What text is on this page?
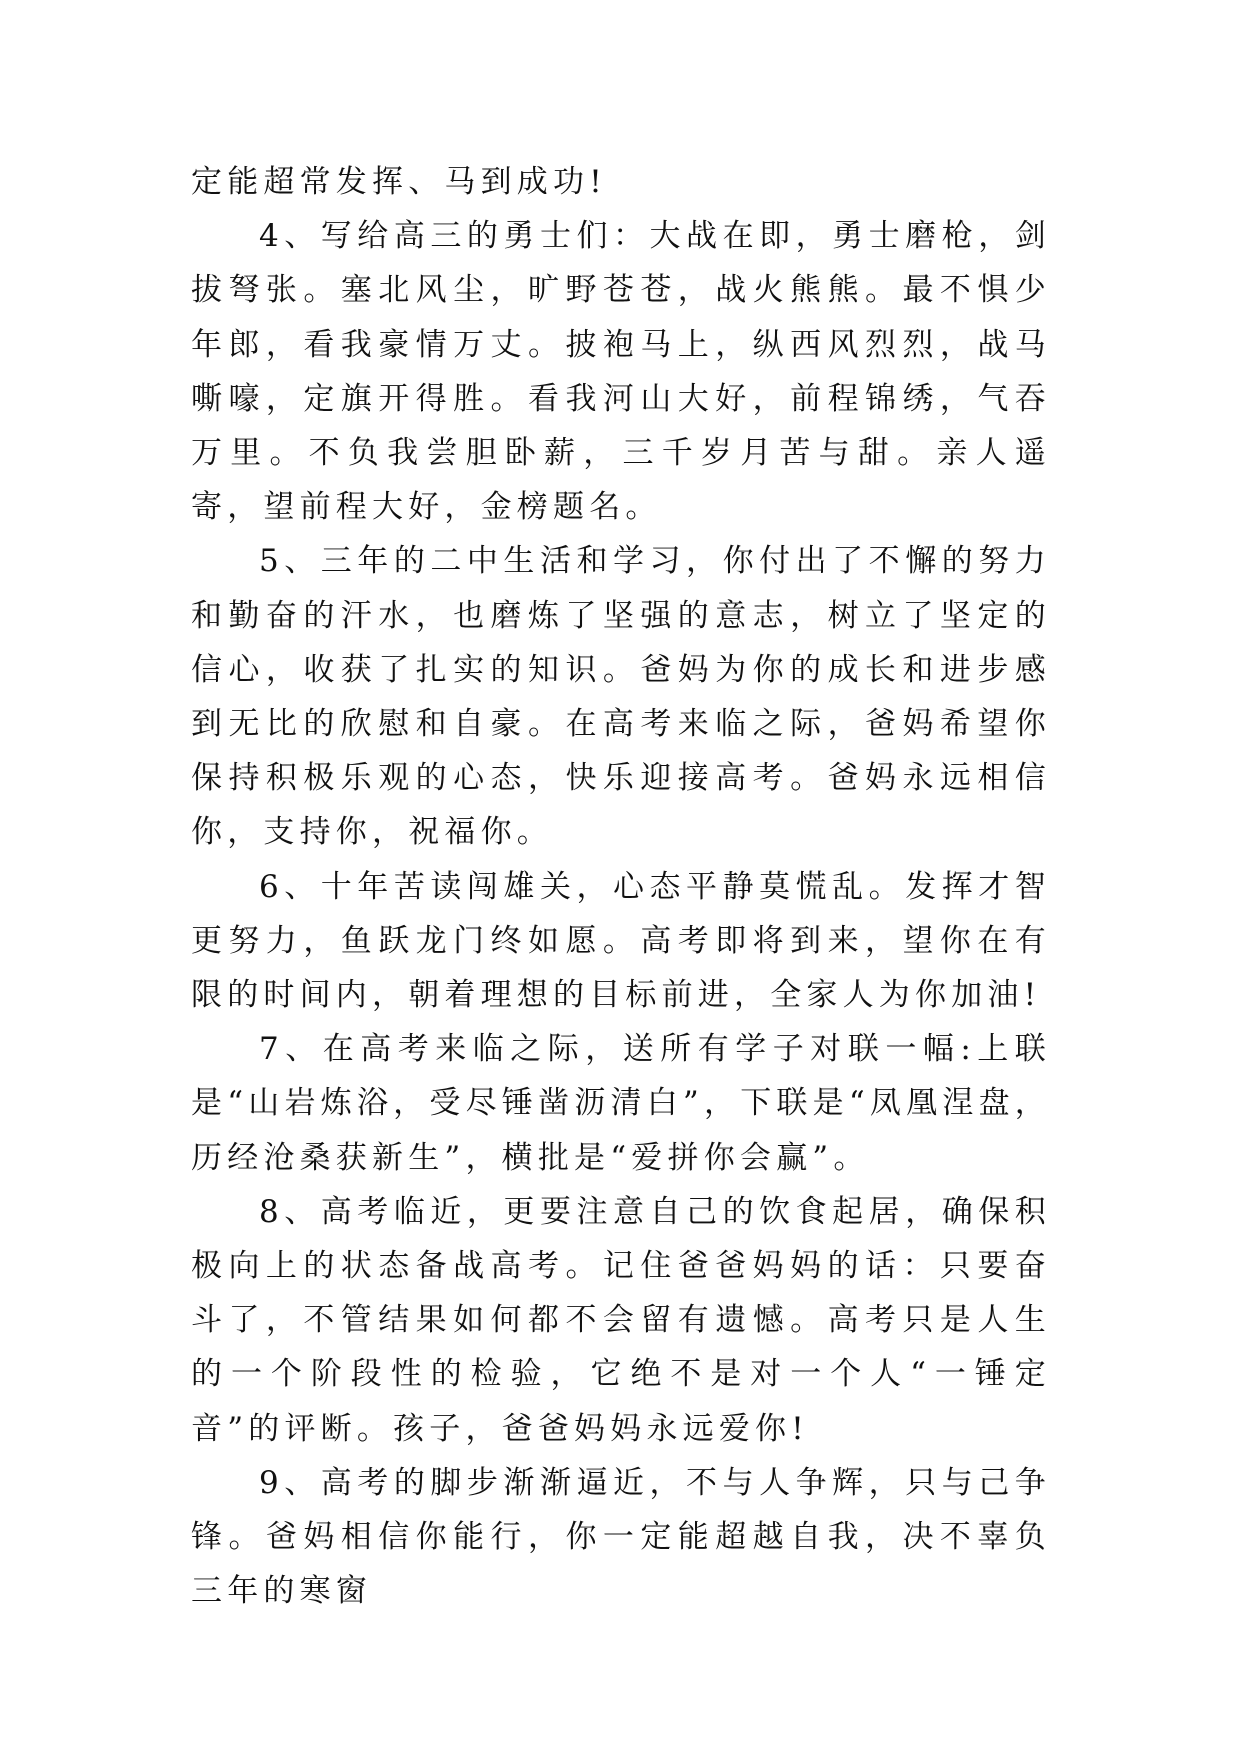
定能超常发挥、马到成功!

4、写给高三的勇士们：大战在即，勇士磨枪，剑拔弩张。塞北风尘，旷野苍苍，战火熊熊。最不惧少年郎，看我豪情万丈。披袍马上，纵西风烈烈，战马嘶嚎，定旗开得胜。看我河山大好，前程锦绣，气吞万里。不负我尝胆卧薪，三千岁月苦与甜。亲人遥寄，望前程大好，金榜题名。

5、三年的二中生活和学习，你付出了不懈的努力和勤奋的汗水，也磨炼了坚强的意志，树立了坚定的信心，收获了扎实的知识。爸妈为你的成长和进步感到无比的欣慰和自豪。在高考来临之际，爸妈希望你保持积极乐观的心态，快乐迎接高考。爸妈永远相信你，支持你，祝福你。

6、十年苦读闯雄关，心态平静莫慌乱。发挥才智更努力，鱼跃龙门终如愿。高考即将到来，望你在有限的时间内，朝着理想的目标前进，全家人为你加油!

7、在高考来临之际，送所有学子对联一幅:上联是“山岩炼浴，受尽锤凿沥清白”，下联是“凤凰涅盘，历经沧桑获新生”，横批是“爱拼你会赢”。

8、高考临近，更要注意自己的饮食起居，确保积极向上的状态备战高考。记住爸爸妈妈的话：只要奋斗了，不管结果如何都不会留有遗憾。高考只是人生的一个阶段性的检验，它绝不是对一个人“一锤定音”的评断。孩子，爸爸妈妈永远爱你!

9、高考的脚步渐渐逼近，不与人争辉，只与己争锋。爸妈相信你能行，你一定能超越自我，决不辜负三年的寒窗
